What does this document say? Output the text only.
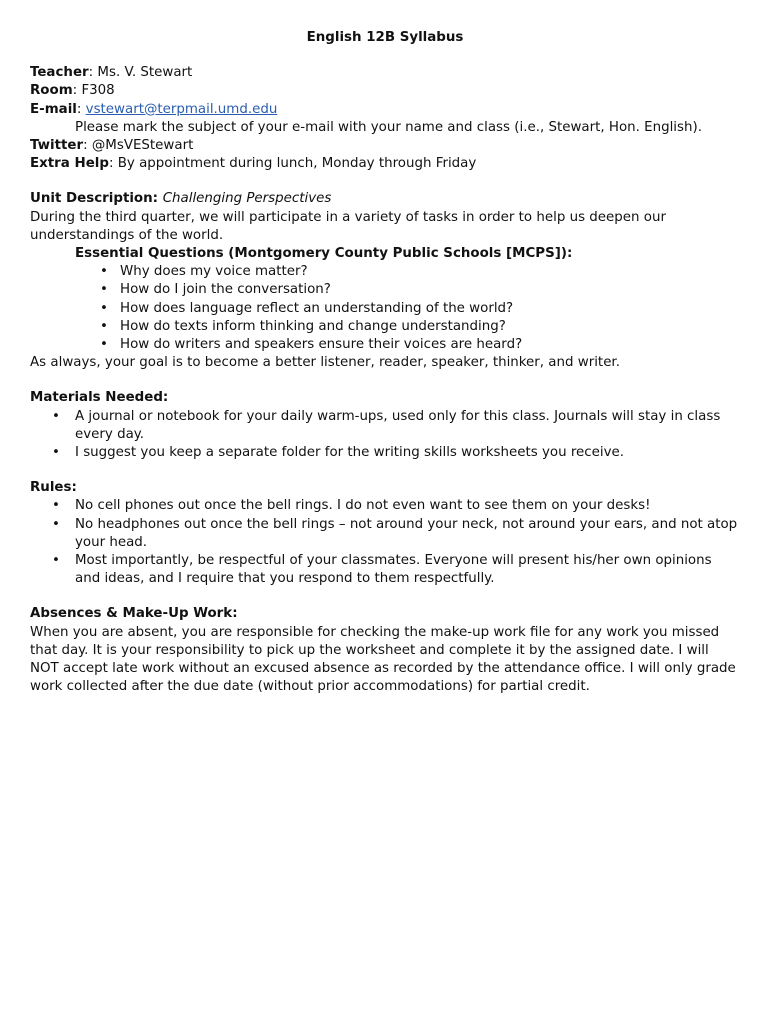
English 12B Syllabus

Teacher: Ms. V. Stewart

Room: F308

E-mail: vstewart@terpmail.umd.edu

Please mark the subject of your e-mail with your name and class (i.e., Stewart, Hon. English).

Twitter: @MsVEStewart

Extra Help: By appointment during lunch, Monday through Friday

Unit Description: Challenging Perspectives

During the third quarter, we will participate in a variety of tasks in order to help us deepen our understandings of the world.

Essential Questions (Montgomery County Public Schools [MCPS]):

• Why does my voice matter?
• How do I join the conversation?
• How does language reflect an understanding of the world?
• How do texts inform thinking and change understanding?
• How do writers and speakers ensure their voices are heard?

As always, your goal is to become a better listener, reader, speaker, thinker, and writer.

Materials Needed:

• A journal or notebook for your daily warm-ups, used only for this class. Journals will stay in class every day.
• I suggest you keep a separate folder for the writing skills worksheets you receive.

Rules:

• No cell phones out once the bell rings. I do not even want to see them on your desks!
• No headphones out once the bell rings – not around your neck, not around your ears, and not atop your head.
• Most importantly, be respectful of your classmates. Everyone will present his/her own opinions and ideas, and I require that you respond to them respectfully.

Absences & Make-Up Work:

When you are absent, you are responsible for checking the make-up work file for any work you missed that day. It is your responsibility to pick up the worksheet and complete it by the assigned date. I will NOT accept late work without an excused absence as recorded by the attendance office. I will only grade work collected after the due date (without prior accommodations) for partial credit.
